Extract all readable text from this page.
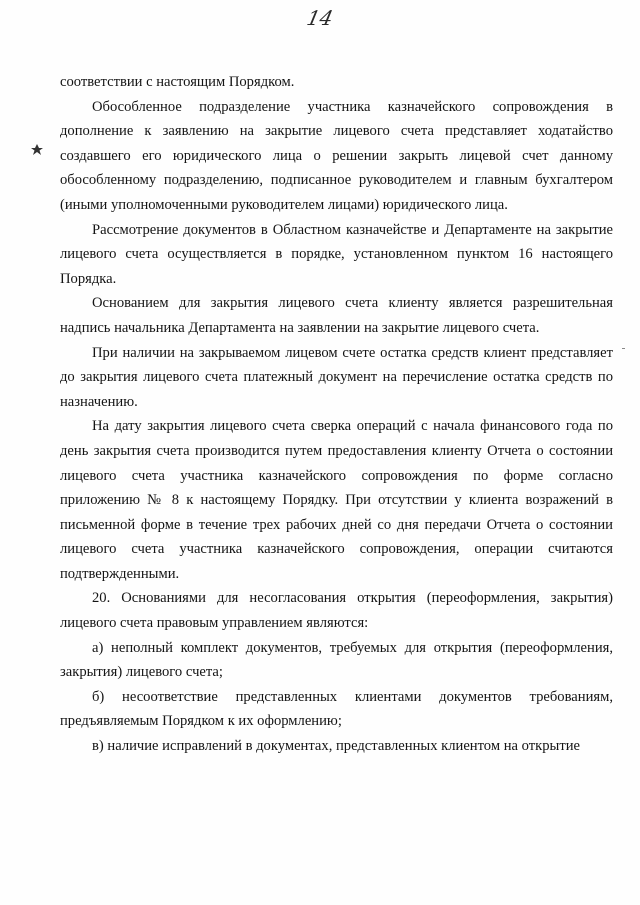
14

соответствии с настоящим Порядком.

Обособленное подразделение участника казначейского сопровождения в дополнение к заявлению на закрытие лицевого счета представляет ходатайство создавшего его юридического лица о решении закрыть лицевой счет данному обособленному подразделению, подписанное руководителем и главным бухгалтером (иными уполномоченными руководителем лицами) юридического лица.

Рассмотрение документов в Областном казначействе и Департаменте на закрытие лицевого счета осуществляется в порядке, установленном пунктом 16 настоящего Порядка.

Основанием для закрытия лицевого счета клиенту является разрешительная надпись начальника Департамента на заявлении на закрытие лицевого счета.

При наличии на закрываемом лицевом счете остатка средств клиент представляет до закрытия лицевого счета платежный документ на перечисление остатка средств по назначению.

На дату закрытия лицевого счета сверка операций с начала финансового года по день закрытия счета производится путем предоставления клиенту Отчета о состоянии лицевого счета участника казначейского сопровождения по форме согласно приложению № 8 к настоящему Порядку. При отсутствии у клиента возражений в письменной форме в течение трех рабочих дней со дня передачи Отчета о состоянии лицевого счета участника казначейского сопровождения, операции считаются подтвержденными.

20. Основаниями для несогласования открытия (переоформления, закрытия) лицевого счета правовым управлением являются:

а) неполный комплект документов, требуемых для открытия (переоформления, закрытия) лицевого счета;

б) несоответствие представленных клиентами документов требованиям, предъявляемым Порядком к их оформлению;

в) наличие исправлений в документах, представленных клиентом на открытие
